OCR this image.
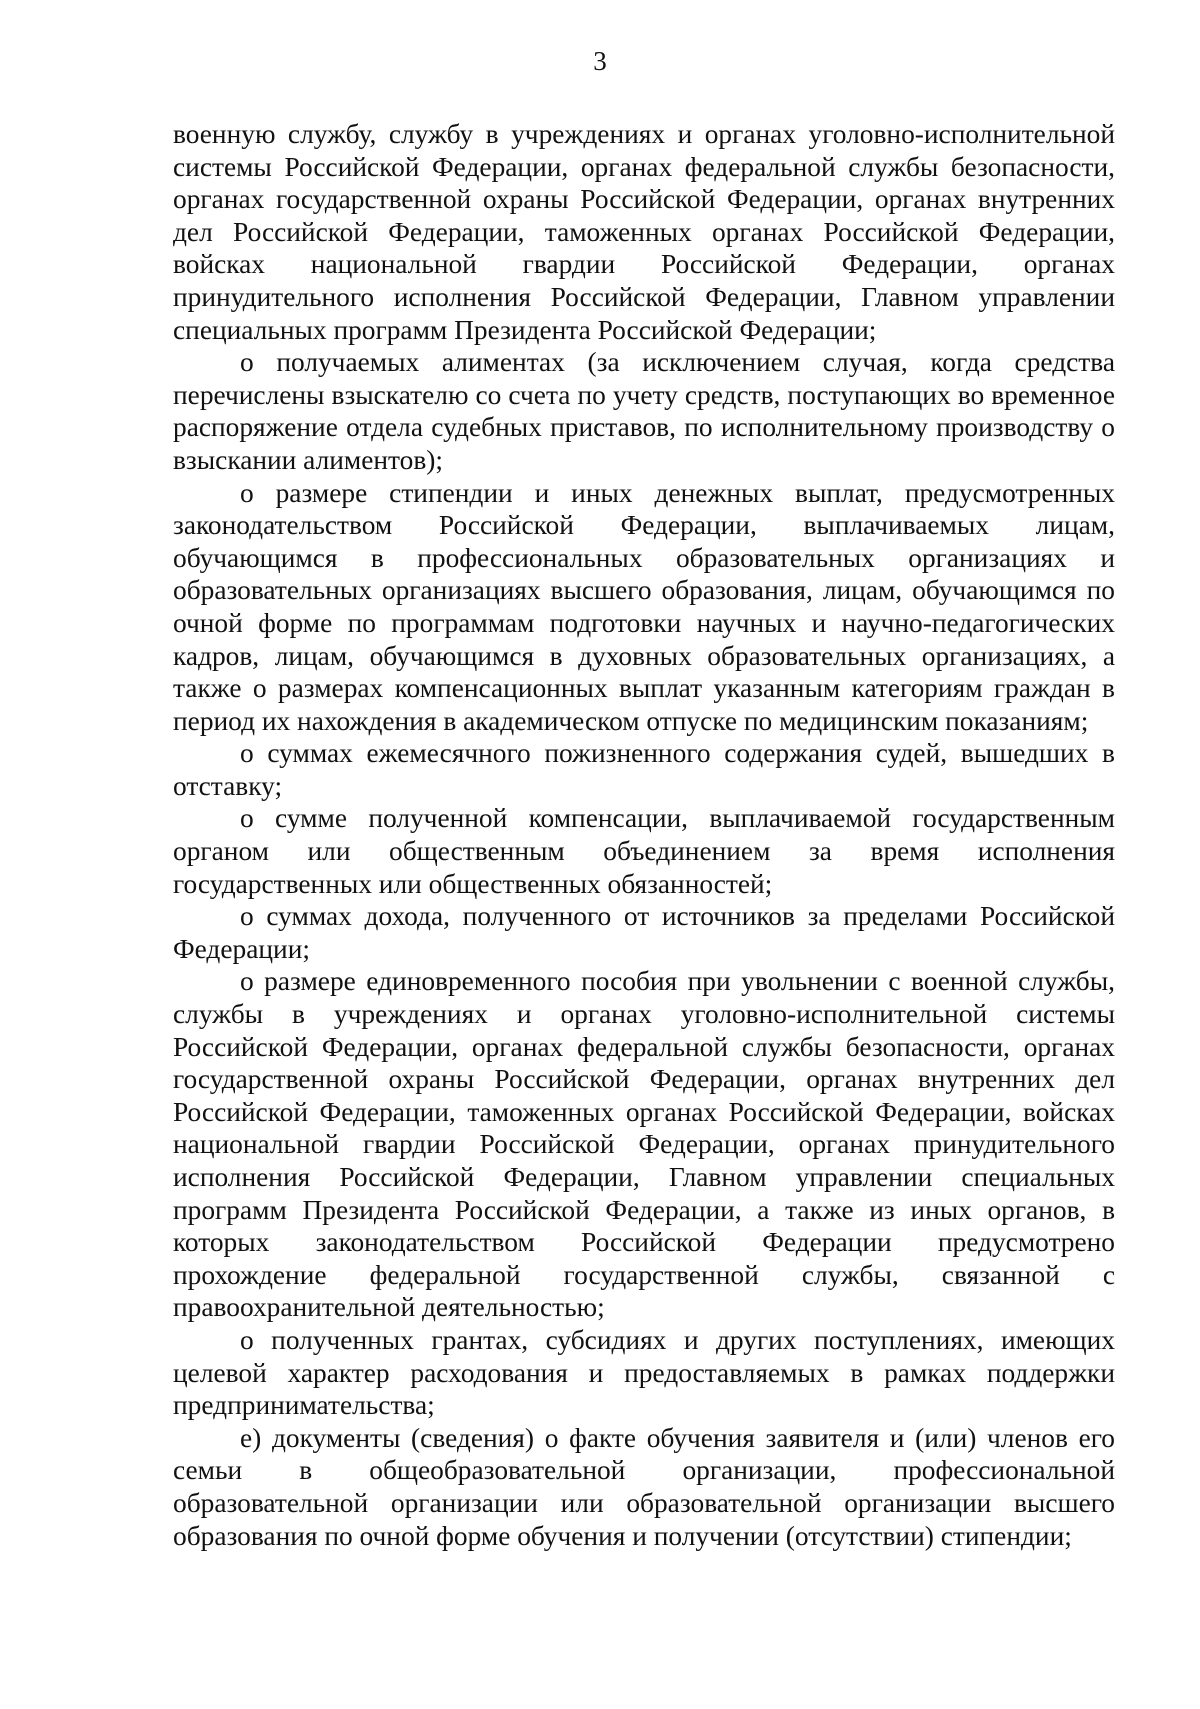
3

военную службу, службу в учреждениях и органах уголовно-исполнительной системы Российской Федерации, органах федеральной службы безопасности, органах государственной охраны Российской Федерации, органах внутренних дел Российской Федерации, таможенных органах Российской Федерации, войсках национальной гвардии Российской Федерации, органах принудительного исполнения Российской Федерации, Главном управлении специальных программ Президента Российской Федерации;

о получаемых алиментах (за исключением случая, когда средства перечислены взыскателю со счета по учету средств, поступающих во временное распоряжение отдела судебных приставов, по исполнительному производству о взыскании алиментов);

о размере стипендии и иных денежных выплат, предусмотренных законодательством Российской Федерации, выплачиваемых лицам, обучающимся в профессиональных образовательных организациях и образовательных организациях высшего образования, лицам, обучающимся по очной форме по программам подготовки научных и научно-педагогических кадров, лицам, обучающимся в духовных образовательных организациях, а также о размерах компенсационных выплат указанным категориям граждан в период их нахождения в академическом отпуске по медицинским показаниям;

о суммах ежемесячного пожизненного содержания судей, вышедших в отставку;

о сумме полученной компенсации, выплачиваемой государственным органом или общественным объединением за время исполнения государственных или общественных обязанностей;

о суммах дохода, полученного от источников за пределами Российской Федерации;

о размере единовременного пособия при увольнении с военной службы, службы в учреждениях и органах уголовно-исполнительной системы Российской Федерации, органах федеральной службы безопасности, органах государственной охраны Российской Федерации, органах внутренних дел Российской Федерации, таможенных органах Российской Федерации, войсках национальной гвардии Российской Федерации, органах принудительного исполнения Российской Федерации, Главном управлении специальных программ Президента Российской Федерации, а также из иных органов, в которых законодательством Российской Федерации предусмотрено прохождение федеральной государственной службы, связанной с правоохранительной деятельностью;

о полученных грантах, субсидиях и других поступлениях, имеющих целевой характер расходования и предоставляемых в рамках поддержки предпринимательства;

е) документы (сведения) о факте обучения заявителя и (или) членов его семьи в общеобразовательной организации, профессиональной образовательной организации или образовательной организации высшего образования по очной форме обучения и получении (отсутствии) стипендии;
